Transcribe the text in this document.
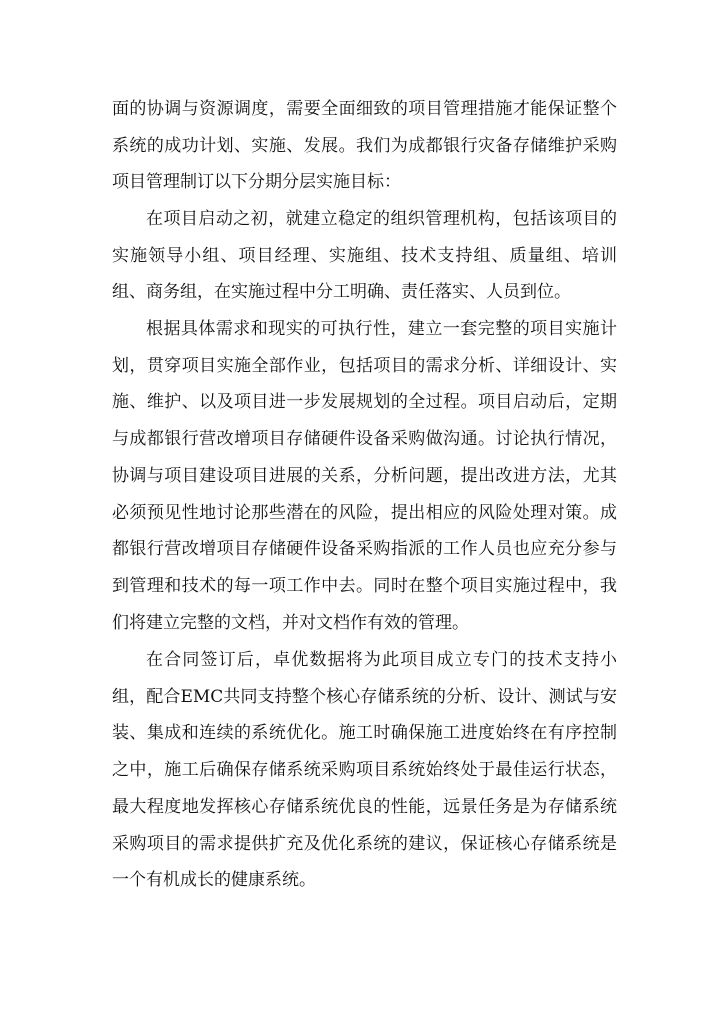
面的协调与资源调度，需要全面细致的项目管理措施才能保证整个系统的成功计划、实施、发展。我们为成都银行灾备存储维护采购项目管理制订以下分期分层实施目标：

在项目启动之初，就建立稳定的组织管理机构，包括该项目的实施领导小组、项目经理、实施组、技术支持组、质量组、培训组、商务组，在实施过程中分工明确、责任落实、人员到位。

根据具体需求和现实的可执行性，建立一套完整的项目实施计划，贯穿项目实施全部作业，包括项目的需求分析、详细设计、实施、维护、以及项目进一步发展规划的全过程。项目启动后，定期与成都银行营改增项目存储硬件设备采购做沟通。讨论执行情况，协调与项目建设项目进展的关系，分析问题，提出改进方法，尤其必须预见性地讨论那些潜在的风险，提出相应的风险处理对策。成都银行营改增项目存储硬件设备采购指派的工作人员也应充分参与到管理和技术的每一项工作中去。同时在整个项目实施过程中，我们将建立完整的文档，并对文档作有效的管理。

在合同签订后，卓优数据将为此项目成立专门的技术支持小组，配合EMC共同支持整个核心存储系统的分析、设计、测试与安装、集成和连续的系统优化。施工时确保施工进度始终在有序控制之中，施工后确保存储系统采购项目系统始终处于最佳运行状态，最大程度地发挥核心存储系统优良的性能，远景任务是为存储系统采购项目的需求提供扩充及优化系统的建议，保证核心存储系统是一个有机成长的健康系统。
